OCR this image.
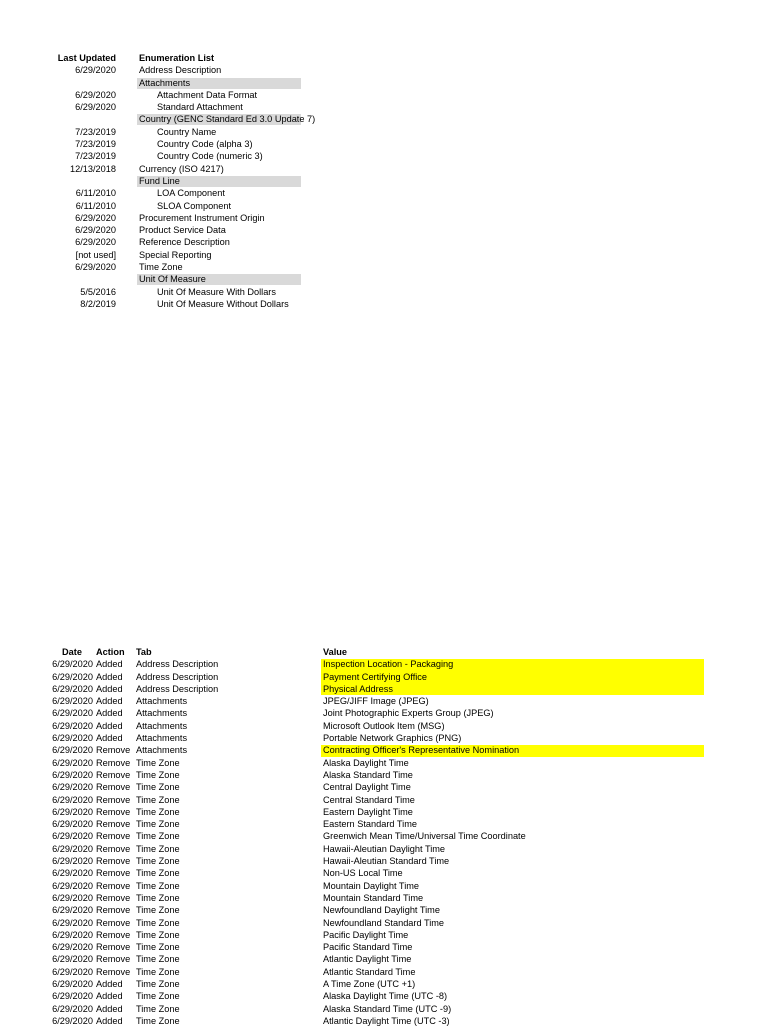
Last Updated	Enumeration List
6/29/2020	Address Description
Attachments
6/29/2020	Attachment Data Format
6/29/2020	Standard Attachment
Country (GENC Standard Ed 3.0 Update 7)
7/23/2019	Country Name
7/23/2019	Country Code (alpha 3)
7/23/2019	Country Code (numeric 3)
12/13/2018	Currency (ISO 4217)
Fund Line
6/11/2010	LOA Component
6/11/2010	SLOA Component
6/29/2020	Procurement Instrument Origin
6/29/2020	Product Service Data
6/29/2020	Reference Description
[not used]	Special Reporting
6/29/2020	Time Zone
Unit Of Measure
5/5/2016	Unit Of Measure With Dollars
8/2/2019	Unit Of Measure Without Dollars
Date	Action Tab	Value
6/29/2020 Added Address Description	Inspection Location - Packaging
6/29/2020 Added Address Description	Payment Certifying Office
6/29/2020 Added Address Description	Physical Address
6/29/2020 Added Attachments	JPEG/JIFF Image (JPEG)
6/29/2020 Added Attachments	Joint Photographic Experts Group (JPEG)
6/29/2020 Added Attachments	Microsoft Outlook Item (MSG)
6/29/2020 Added Attachments	Portable Network Graphics (PNG)
6/29/2020 Remove Attachments	Contracting Officer's Representative Nomination
6/29/2020 Remove Time Zone	Alaska Daylight Time
6/29/2020 Remove Time Zone	Alaska Standard Time
6/29/2020 Remove Time Zone	Central Daylight Time
6/29/2020 Remove Time Zone	Central Standard Time
6/29/2020 Remove Time Zone	Eastern Daylight Time
6/29/2020 Remove Time Zone	Eastern Standard Time
6/29/2020 Remove Time Zone	Greenwich Mean Time/Universal Time Coordinate
6/29/2020 Remove Time Zone	Hawaii-Aleutian Daylight Time
6/29/2020 Remove Time Zone	Hawaii-Aleutian Standard Time
6/29/2020 Remove Time Zone	Non-US Local Time
6/29/2020 Remove Time Zone	Mountain Daylight Time
6/29/2020 Remove Time Zone	Mountain Standard Time
6/29/2020 Remove Time Zone	Newfoundland Daylight Time
6/29/2020 Remove Time Zone	Newfoundland Standard Time
6/29/2020 Remove Time Zone	Pacific Daylight Time
6/29/2020 Remove Time Zone	Pacific Standard Time
6/29/2020 Remove Time Zone	Atlantic Daylight Time
6/29/2020 Remove Time Zone	Atlantic Standard Time
6/29/2020 Added Time Zone	A Time Zone (UTC +1)
6/29/2020 Added Time Zone	Alaska Daylight Time (UTC -8)
6/29/2020 Added Time Zone	Alaska Standard Time (UTC -9)
6/29/2020 Added Time Zone	Atlantic Daylight Time (UTC -3)
